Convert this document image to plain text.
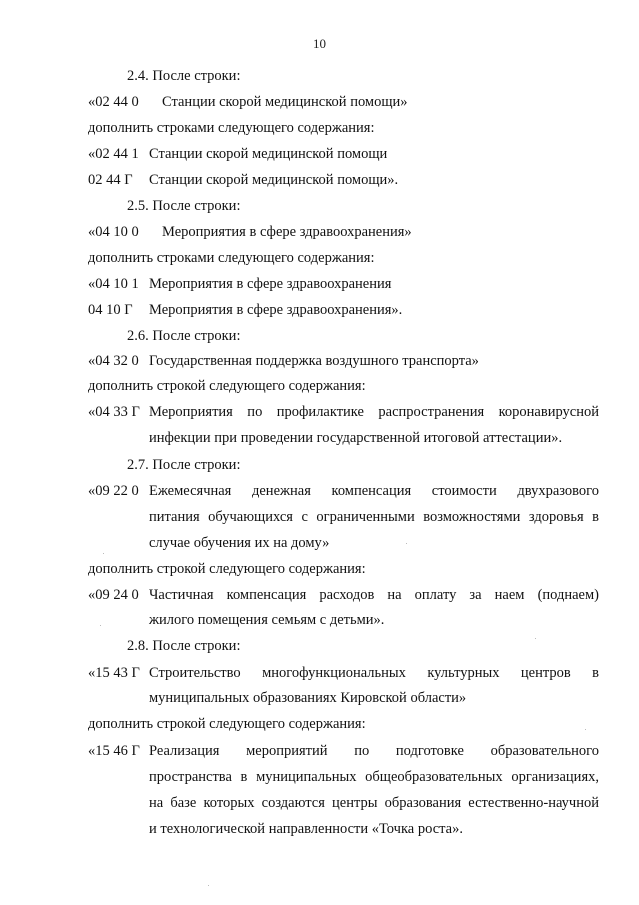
10
2.4. После строки:
«02 44 0 Станции скорой медицинской помощи»
дополнить строками следующего содержания:
«02 44 1 Станции скорой медицинской помощи
02 44 Г Станции скорой медицинской помощи».
2.5. После строки:
«04 10 0 Мероприятия в сфере здравоохранения»
дополнить строками следующего содержания:
«04 10 1 Мероприятия в сфере здравоохранения
04 10 Г Мероприятия в сфере здравоохранения».
2.6. После строки:
«04 32 0 Государственная поддержка воздушного транспорта»
дополнить строкой следующего содержания:
«04 33 Г Мероприятия по профилактике распространения коронавирусной
инфекции при проведении государственной итоговой аттестации».
2.7. После строки:
«09 22 0 Ежемесячная денежная компенсация стоимости двухразового
питания обучающихся с ограниченными возможностями здоровья в
случае обучения их на дому»
дополнить строкой следующего содержания:
«09 24 0 Частичная компенсация расходов на оплату за наем (поднаем)
жилого помещения семьям с детьми».
2.8. После строки:
«15 43 Г Строительство многофункциональных культурных центров в
муниципальных образованиях Кировской области»
дополнить строкой следующего содержания:
«15 46 Г Реализация мероприятий по подготовке образовательного
пространства в муниципальных общеобразовательных организациях,
на базе которых создаются центры образования естественно-научной
и технологической направленности «Точка роста».
